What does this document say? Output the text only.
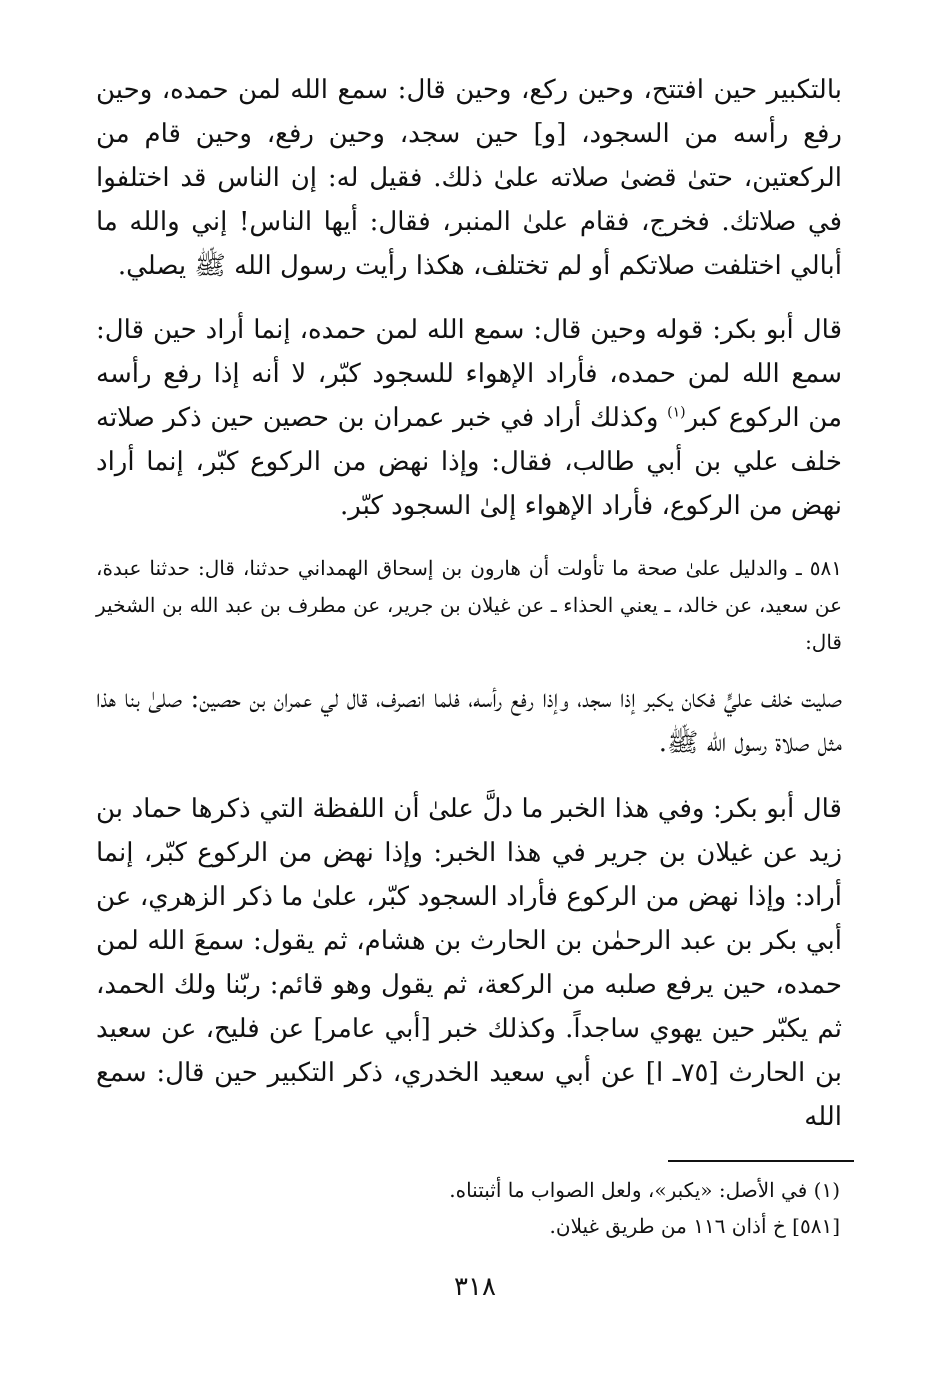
بالتكبير حين افتتح، وحين ركع، وحين قال: سمع الله لمن حمده، وحين رفع رأسه من السجود، [و] حين سجد، وحين رفع، وحين قام من الركعتين، حتىٰ قضىٰ صلاته علىٰ ذلك. فقيل له: إن الناس قد اختلفوا في صلاتك. فخرج، فقام علىٰ المنبر، فقال: أيها الناس! إني والله ما أبالي اختلفت صلاتكم أو لم تختلف، هكذا رأيت رسول الله ﷺ يصلي.

قال أبو بكر: قوله وحين قال: سمع الله لمن حمده، إنما أراد حين قال: سمع الله لمن حمده، فأراد الإهواء للسجود كبّر، لا أنه إذا رفع رأسه من الركوع كبر$^{(١)}$ وكذلك أراد في خبر عمران بن حصين حين ذكر صلاته خلف علي بن أبي طالب، فقال: وإذا نهض من الركوع كبّر، إنما أراد نهض من الركوع، فأراد الإهواء إلىٰ السجود كبّر.

٥٨١ ـ والدليل علىٰ صحة ما تأولت أن هارون بن إسحاق الهمداني حدثنا، قال: حدثنا عبدة، عن سعيد، عن خالد، ـ يعني الحذاء ـ عن غيلان بن جرير، عن مطرف بن عبد الله بن الشخير قال:

صليت خلف عليٍّ فكان يكبر إذا سجد، وإذا رفع رأسه، فلما انصرف، قال لي عمران بن حصين: صلىٰ بنا هذا مثل صلاة رسول الله ﷺ.

قال أبو بكر: وفي هذا الخبر ما دلَّ علىٰ أن اللفظة التي ذكرها حماد بن زيد عن غيلان بن جرير في هذا الخبر: وإذا نهض من الركوع كبّر، إنما أراد: وإذا نهض من الركوع فأراد السجود كبّر، علىٰ ما ذكر الزهري، عن أبي بكر بن عبد الرحمٰن بن الحارث بن هشام، ثم يقول: سمعَ الله لمن حمده، حين يرفع صلبه من الركعة، ثم يقول وهو قائم: ربّنا ولك الحمد، ثم يكبّر حين يهوي ساجداً. وكذلك خبر [أبي عامر] عن فليح، عن سعيد بن الحارث [٧٥ـ ا] عن أبي سعيد الخدري، ذكر التكبير حين قال: سمع الله

(١) في الأصل: «يكبر»، ولعل الصواب ما أثبتناه.

[٥٨١] خ أذان ١١٦ من طريق غيلان.

٣١٨
